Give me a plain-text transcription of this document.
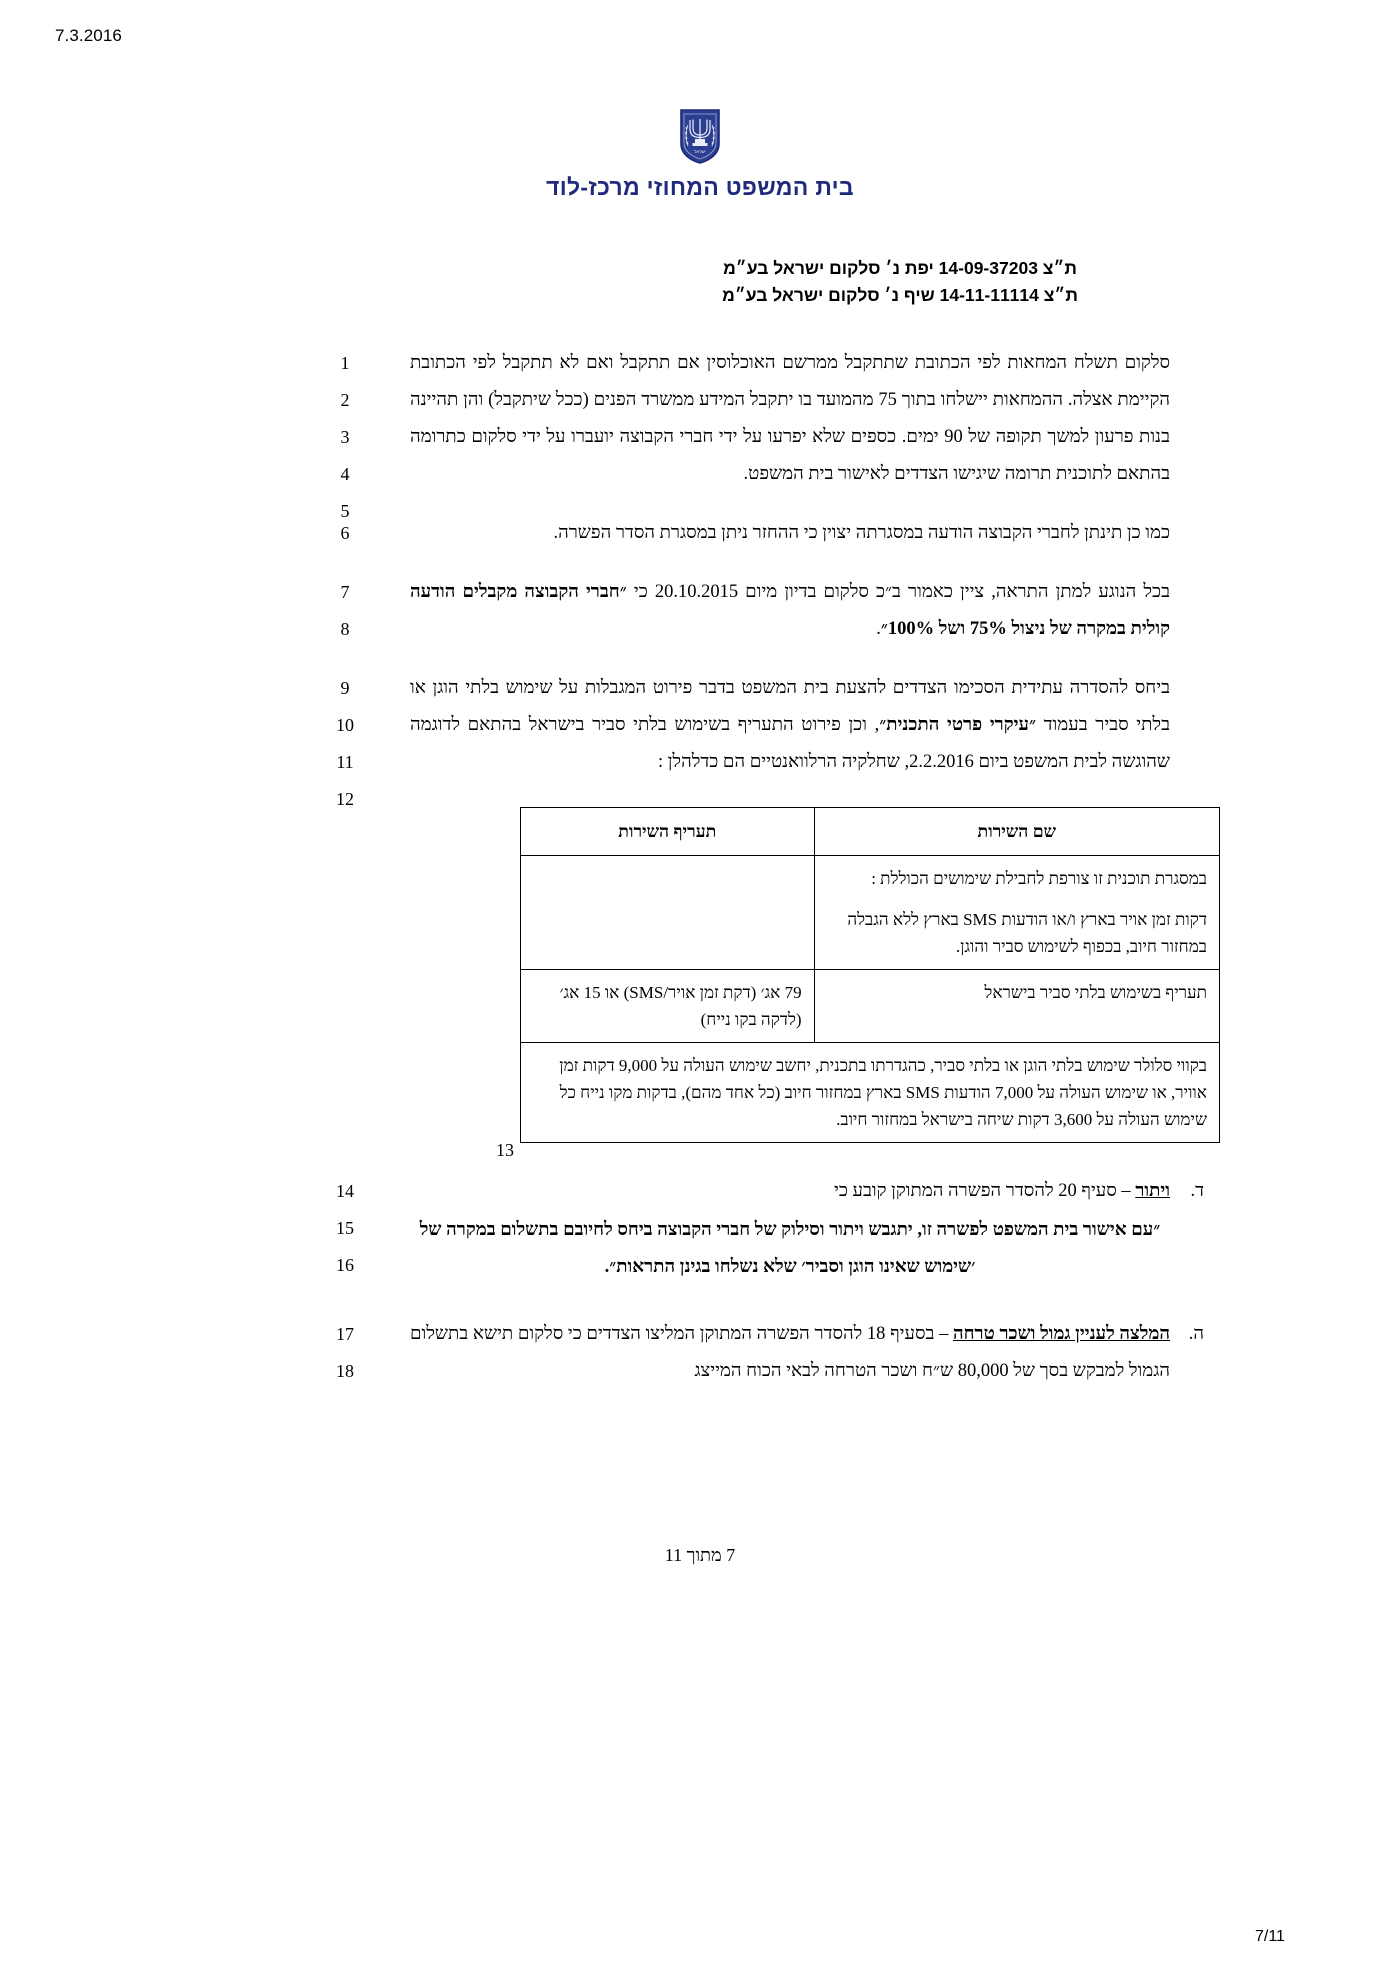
7.3.2016
ישראל
בית המשפט המחוזי מרכז-לוד
ת״צ 14-09-37203 יפת נ׳ סלקום ישראל בע״מ
ת״צ 14-11-11114 שיף נ׳ סלקום ישראל בע״מ
1
2
3
4
5
סלקום תשלח המחאות לפי הכתובת שתתקבל ממרשם האוכלוסין אם תתקבל ואם לא תתקבל לפי הכתובת הקיימת אצלה. ההמחאות יישלחו בתוך 75 מהמועד בו יתקבל המידע ממשרד הפנים (ככל שיתקבל) והן תהיינה בנות פרעון למשך תקופה של 90 ימים. כספים שלא יפרעו על ידי חברי הקבוצה יועברו על ידי סלקום כתרומה בהתאם לתוכנית תרומה שיגישו הצדדים לאישור בית המשפט.
6	כמו כן תינתן לחברי הקבוצה הודעה במסגרתה יצוין כי ההחזר ניתן במסגרת הסדר הפשרה.
7
8
בכל הנוגע למתן התראה, ציין כאמור ב״כ סלקום בדיון מיום 20.10.2015 כי ״חברי הקבוצה מקבלים הודעה קולית במקרה של ניצול 75% ושל 100%״.
9
10
11
12
ביחס להסדרה עתידית הסכימו הצדדים להצעת בית המשפט בדבר פירוט המגבלות על שימוש בלתי הוגן או בלתי סביר בעמוד ״עיקרי פרטי התכנית״, וכן פירוט התעריף בשימוש בלתי סביר בישראל בהתאם לדוגמה שהוגשה לבית המשפט ביום 2.2.2016, שחלקיה הרלוואנטיים הם כדלהלן :
שם השירות	תעריף השירות

במסגרת תוכנית זו צורפת לחבילת שימושים הכוללת :
דקות זמן אויר בארץ ו/או הודעות SMS בארץ ללא הגבלה במחזור חיוב, בכפוף לשימוש סביר והוגן.	

תעריף בשימוש בלתי סביר בישראל	79 אג׳ (דקת זמן אויר/SMS) או 15 אג׳ (לדקה בקו נייח)
בקווי סלולר שימוש בלתי הוגן או בלתי סביר, כהגדרתו בתכנית, יחשב שימוש העולה על 9,000 דקות זמן אוויר, או שימוש העולה על 7,000 הודעות SMS בארץ במחזור חיוב (כל אחד מהם), בדקות מקו נייח כל שימוש העולה על 3,600 דקות שיחה בישראל במחזור חיוב.	
13
14
15
16
ד.
ויתור – סעיף 20 להסדר הפשרה המתוקן קובע כי
״עם אישור בית המשפט לפשרה זו, יתגבש ויתור וסילוק של חברי הקבוצה ביחס לחיובם בתשלום במקרה של ׳שימוש שאינו הוגן וסביר׳ שלא נשלחו בגינן התראות״.
17
18
ה.
המלצה לעניין גמול ושכר טרחה – בסעיף 18 להסדר הפשרה המתוקן המליצו הצדדים כי סלקום תישא בתשלום הגמול למבקש בסך של 80,000 ש״ח ושכר הטרחה לבאי הכוח המייצג
7 מתוך 11
7/11
